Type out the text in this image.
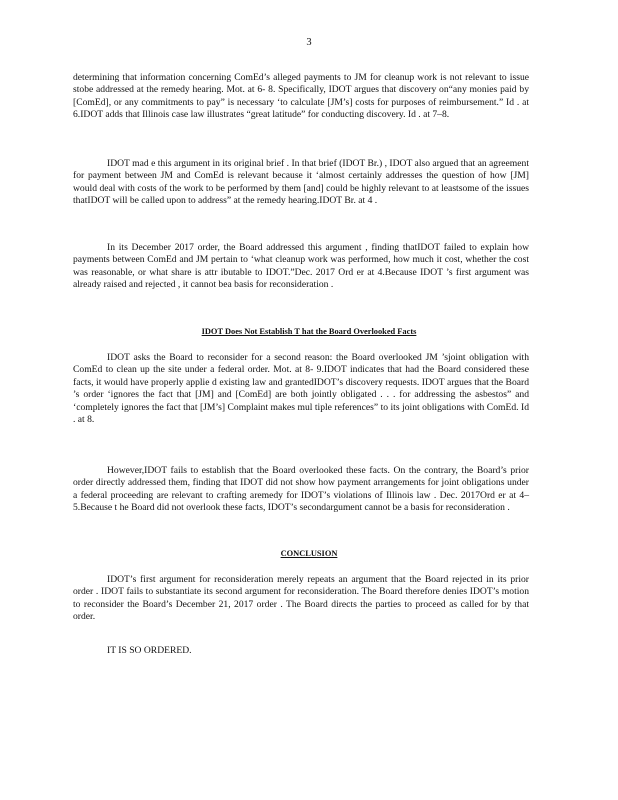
3

determining that information concerning ComEd’s alleged payments to JM for cleanup work is not relevant to issue stobe addressed at the remedy hearing. Mot. at 6- 8. Specifically, IDOT argues that discovery on“any monies paid by [ComEd], or any commitments to pay” is necessary ‘to calculate [JM’s] costs for purposes of reimbursement.” Id . at 6.IDOT adds that Illinois case law illustrates “great latitude” for conducting discovery. Id . at 7–8.

IDOT mad e this argument in its original brief . In that brief (IDOT Br.) , IDOT also argued that an agreement for payment between JM and ComEd is relevant because it ‘almost certainly addresses the question of how [JM] would deal with costs of the work to be performed by them [and] could be highly relevant to at leastsome of the issues thatIDOT will be called upon to address” at the remedy hearing.IDOT Br. at 4 .

In its December 2017 order, the Board addressed this argument , finding thatIDOT failed to explain how payments between ComEd and JM pertain to ‘what cleanup work was performed, how much it cost, whether the cost was reasonable, or what share is attr ibutable to IDOT.”Dec. 2017 Ord er at 4.Because IDOT ’s first argument was already raised and rejected , it cannot bea basis for reconsideration .

IDOT Does Not Establish T hat the Board Overlooked Facts

IDOT asks the Board to reconsider for a second reason: the Board overlooked JM ’sjoint obligation with ComEd to clean up the site under a federal order. Mot. at 8- 9.IDOT indicates that had the Board considered these facts, it would have properly applie d existing law and grantedIDOT’s discovery requests. IDOT argues that the Board ’s order ‘ignores the fact that [JM] and [ComEd] are both jointly obligated . . . for addressing the asbestos” and ‘completely ignores the fact that [JM’s] Complaint makes mul tiple references” to its joint obligations with ComEd. Id . at 8.

However,IDOT fails to establish that the Board overlooked these facts. On the contrary, the Board’s prior order directly addressed them, finding that IDOT did not show how payment arrangements for joint obligations under a federal proceeding are relevant to crafting aremedy for IDOT’s violations of Illinois law . Dec. 2017Ord er at 4–5.Because t he Board did not overlook these facts, IDOT’s secondargument cannot be a basis for reconsideration .

CONCLUSION

IDOT’s first argument for reconsideration merely repeats an argument that the Board rejected in its prior order . IDOT fails to substantiate its second argument for reconsideration. The Board therefore denies IDOT’s motion to reconsider the Board’s December 21, 2017 order . The Board directs the parties to proceed as called for by that order.

IT IS SO ORDERED.
